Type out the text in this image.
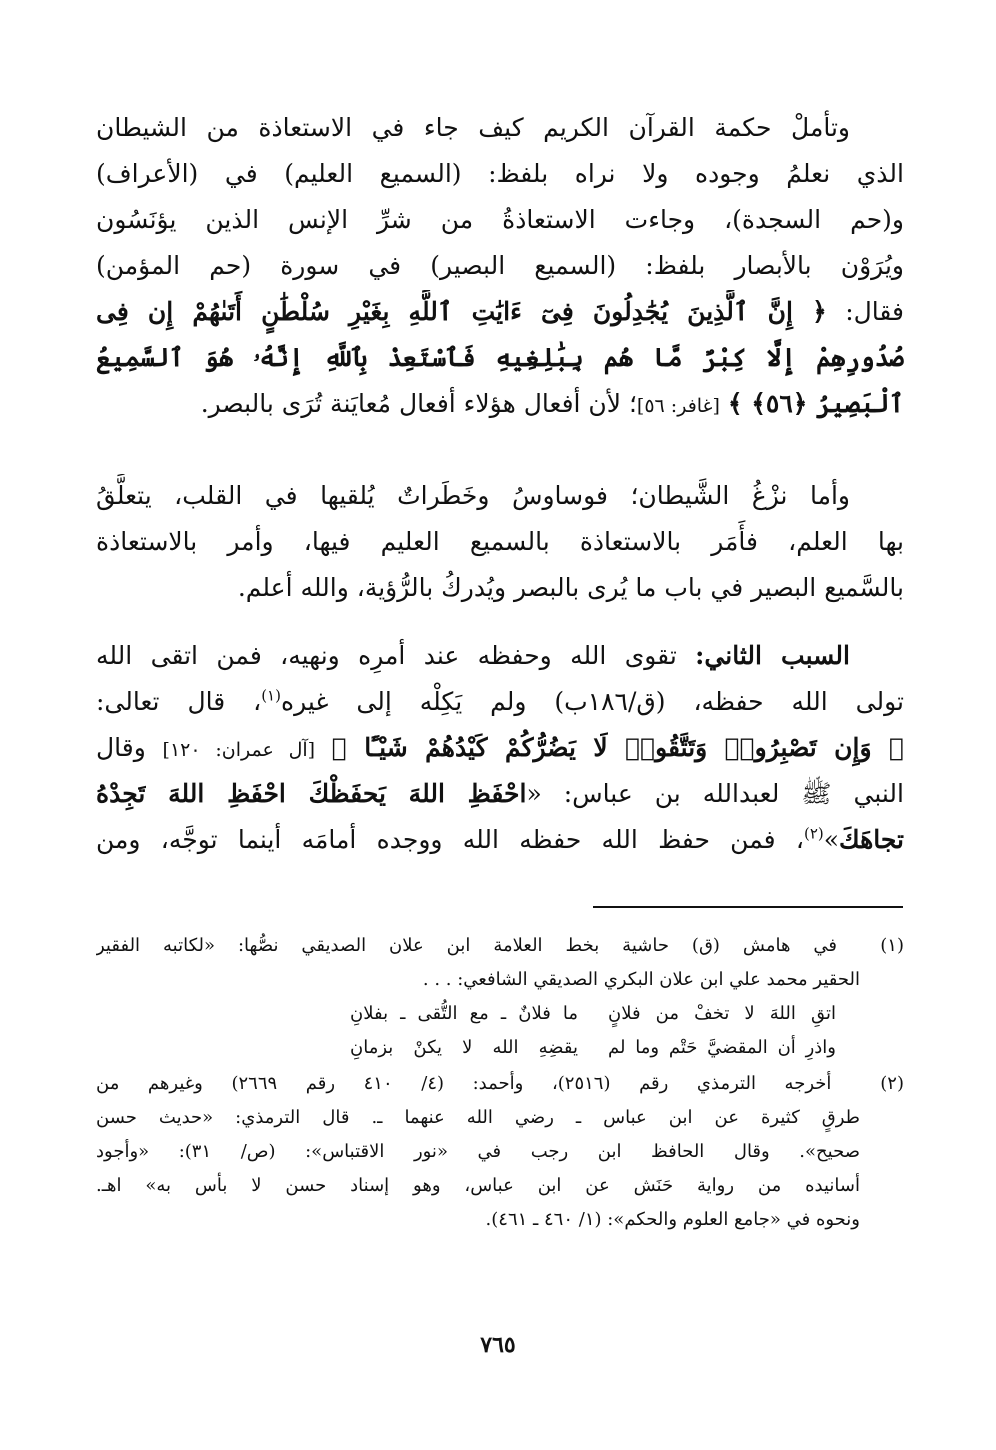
وتأملْ حكمة القرآن الكريم كيف جاء في الاستعاذة من الشيطان
الذي نعلمُ وجوده ولا نراه بلفظ: (السميع العليم) في (الأعراف)
و(حم السجدة)، وجاءت الاستعاذةُ من شرِّ الإنس الذين يؤنَسُون
ويُرَوْن بالأبصار بلفظ: (السميع البصير) في سورة (حم المؤمن)
فقال: ﴿ إِنَّ ٱلَّذِينَ يُجَٰدِلُونَ فِىٓ ءَايَٰتِ ٱللَّهِ بِغَيْرِ سُلْطَٰنٍ أَتَىٰهُمْ إِن فِى
صُدُورِهِمْ إِلَّا كِبْرٌ مَّا هُم بِبَٰلِغِيهِ فَٱسْتَعِذْ بِٱللَّهِ إِنَّهُۥ هُوَ ٱلسَّمِيعُ
ٱلْبَصِيرُ ﴿٥٦﴾ ﴾ [غافر: ٥٦]؛ لأن أفعال هؤلاء أفعال مُعايَنة تُرَى بالبصر.
وأما نزْغُ الشَّيطان؛ فوساوسُ وخَطَراتٌ يُلقيها في القلب، يتعلَّقُ
بها العلم، فأَمَر بالاستعاذة بالسميع العليم فيها، وأمر بالاستعاذة
بالسَّميع البصير في باب ما يُرى بالبصر ويُدركُ بالرُّؤية، والله أعلم.
السبب الثاني: تقوى الله وحفظه عند أمرِه ونهيه، فمن اتقى الله
تولى الله حفظه، (ق/١٨٦ب) ولم يَكِلْه إلى غيره$^{(١)}$، قال تعالى:
﴿ وَإِن تَصْبِرُوا۟ وَتَتَّقُوا۟ لَا يَضُرُّكُمْ كَيْدُهُمْ شَيْـًٔا ﴾ [آل عمران: ١٢٠] وقال
النبي ﷺ لعبدالله بن عباس: «احْفَظِ اللهَ يَحفَظْكَ احْفَظِ اللهَ تَجِدْهُ
تجاهَكَ»$^{(٢)}$، فمن حفظ الله حفظه الله ووجده أمامَه أينما توجَّه، ومن
(١) في هامش (ق) حاشية بخط العلامة ابن علان الصديقي نصُّها: «لكاتبه الفقير
الحقير محمد علي ابن علان البكري الصديقي الشافعي: . . .
اتقِ اللهَ لا تخفْ من فلانٍما فلانٌ ـ مع التُّقى ـ بفلانِ
واذرِ أن المقضيَّ حَتْم وما لميقضِهِ الله لا يكنْ بزمانِ
(٢) أخرجه الترمذي رقم (٢٥١٦)، وأحمد: (٤/ ٤١٠ رقم ٢٦٦٩) وغيرهم من
طرقٍ كثيرة عن ابن عباس ـ رضي الله عنهما ـ. قال الترمذي: «حديث حسن
صحيح». وقال الحافظ ابن رجب في «نور الاقتباس»: (ص/ ٣١): «وأجود
أسانيده من رواية حَنَش عن ابن عباس، وهو إسناد حسن لا بأس به» اهـ.
ونحوه في «جامع العلوم والحكم»: (١/ ٤٦٠ ـ ٤٦١).
٧٦٥
